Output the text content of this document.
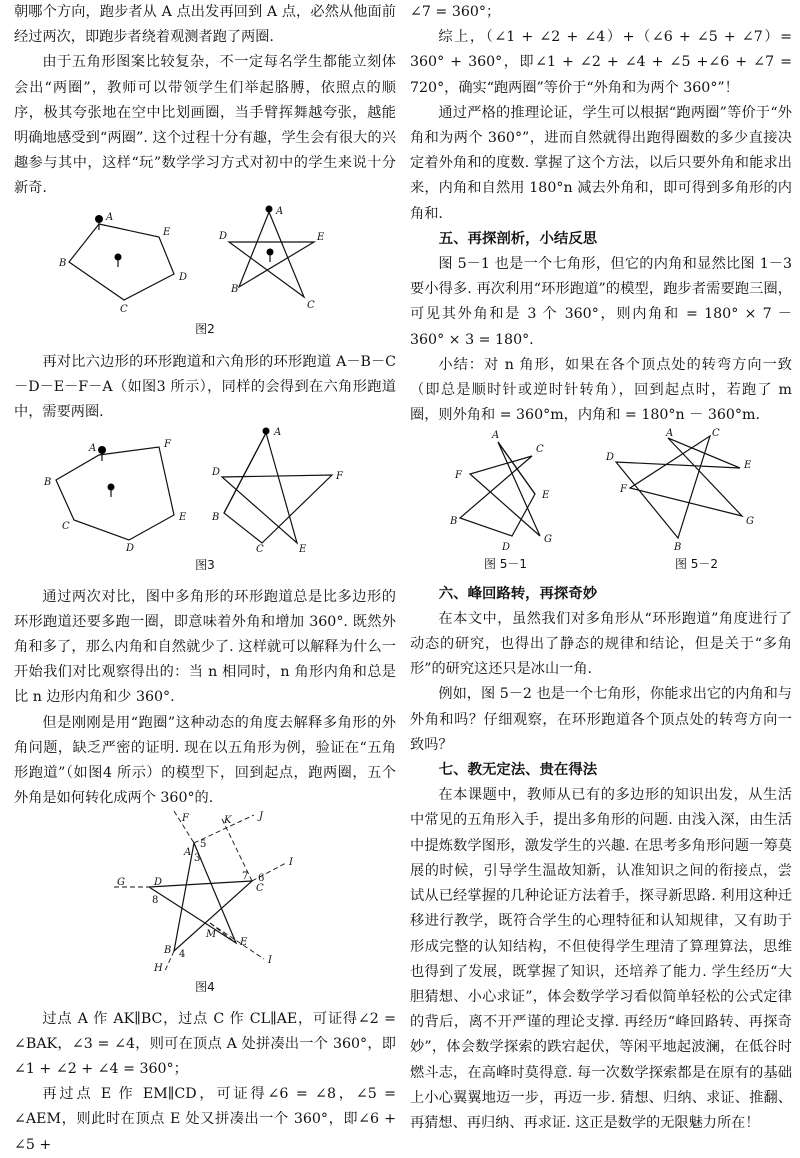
朝哪个方向，跑步者从 A 点出发再回到 A 点，必然从他面前经过两次，即跑步者绕着观测者跑了两圈.

由于五角形图案比较复杂，不一定每名学生都能立刻体会出“两圈”，教师可以带领学生们举起胳膊，依照点的顺序，极其夸张地在空中比划画圈，当手臂挥舞越夸张，越能明确地感受到“两圈”. 这个过程十分有趣，学生会有很大的兴趣参与其中，这样“玩”数学学习方式对初中的学生来说十分新奇.

A
B
C
D
E
A
B
C
D	E
图2

再对比六边形的环形跑道和六角形的环形跑道 A－B－C－D－E－F－A（如图3 所示），同样的会得到在六角形跑道中，需要两圈.

A
B
C
D
E
F
A
B
C
D
E
F
图3

通过两次对比，图中多角形的环形跑道总是比多边形的环形跑道还要多跑一圈，即意味着外角和增加 360°. 既然外角和多了，那么内角和自然就少了. 这样就可以解释为什么一开始我们对比观察得出的：当 n 相同时，n 角形内角和总是比 n 边形内角和少 360°.

但是刚刚是用“跑圈”这种动态的角度去解释多角形的外角问题，缺乏严密的证明. 现在以五角形为例，验证在“五角形跑道”（如图4 所示）的模型下，回到起点，跑两圈，五个外角是如何转化成两个 360°的.

F	K	J
A
3
5
G	D
8
7 6
C
I
M
E
B 4
H
I
图4

过点 A 作 AK∥BC，过点 C 作 CL∥AE，可证得∠2 = ∠BAK，∠3 = ∠4，则可在顶点 A 处拼凑出一个 360°，即∠1 + ∠2 + ∠4 = 360°；

再过点 E 作 EM∥CD，可证得∠6 = ∠8，∠5 = ∠AEM，则此时在顶点 E 处又拼凑出一个 360°，即∠6 + ∠5 +

∠7 = 360°；

综上，（∠1 + ∠2 + ∠4）+（∠6 + ∠5 + ∠7）= 360° + 360°，即∠1 + ∠2 + ∠4 + ∠5 +∠6 + ∠7 = 720°，确实“跑两圈”等价于“外角和为两个 360°”！

通过严格的推理论证，学生可以根据“跑两圈”等价于“外角和为两个 360°”，进而自然就得出跑得圈数的多少直接决定着外角和的度数. 掌握了这个方法，以后只要外角和能求出来，内角和自然用 180°n 减去外角和，即可得到多角形的内角和.

五、再探剖析，小结反思

图 5－1 也是一个七角形，但它的内角和显然比图 1－3 要小得多. 再次利用“环形跑道”的模型，跑步者需要跑三圈，可见其外角和是 3 个 360°，则内角和 = 180° × 7 － 360° × 3 = 180°.

小结：对 n 角形，如果在各个顶点处的转弯方向一致（即总是顺时针或逆时针转角），回到起点时，若跑了 m 圈，则外角和 = 360°m，内角和 = 180°n － 360°m.

A
B
C
D
E
F
G
A
B
C
D
E
F
G
图 5－1	图 5－2
六、峰回路转，再探奇妙

在本文中，虽然我们对多角形从“环形跑道”角度进行了动态的研究，也得出了静态的规律和结论，但是关于“多角形”的研究这还只是冰山一角.

例如，图 5－2 也是一个七角形，你能求出它的内角和与外角和吗？仔细观察，在环形跑道各个顶点处的转弯方向一致吗？

七、教无定法、贵在得法

在本课题中，教师从已有的多边形的知识出发，从生活中常见的五角形入手，提出多角形的问题. 由浅入深，由生活中提炼数学图形，激发学生的兴趣. 在思考多角形问题一筹莫展的时候，引导学生温故知新，认准知识之间的衔接点，尝试从已经掌握的几种论证方法着手，探寻新思路. 利用这种迁移进行教学，既符合学生的心理特征和认知规律，又有助于形成完整的认知结构，不但使得学生理清了算理算法，思维也得到了发展，既掌握了知识，还培养了能力. 学生经历“大胆猜想、小心求证”，体会数学学习看似简单轻松的公式定律的背后，离不开严谨的理论支撑. 再经历“峰回路转、再探奇妙”，体会数学探索的跌宕起伏，等闲平地起波澜，在低谷时燃斗志，在高峰时莫得意. 每一次数学探索都是在原有的基础上小心翼翼地迈一步，再迈一步. 猜想、归纳、求证、推翻、再猜想、再归纳、再求证. 这正是数学的无限魅力所在！
